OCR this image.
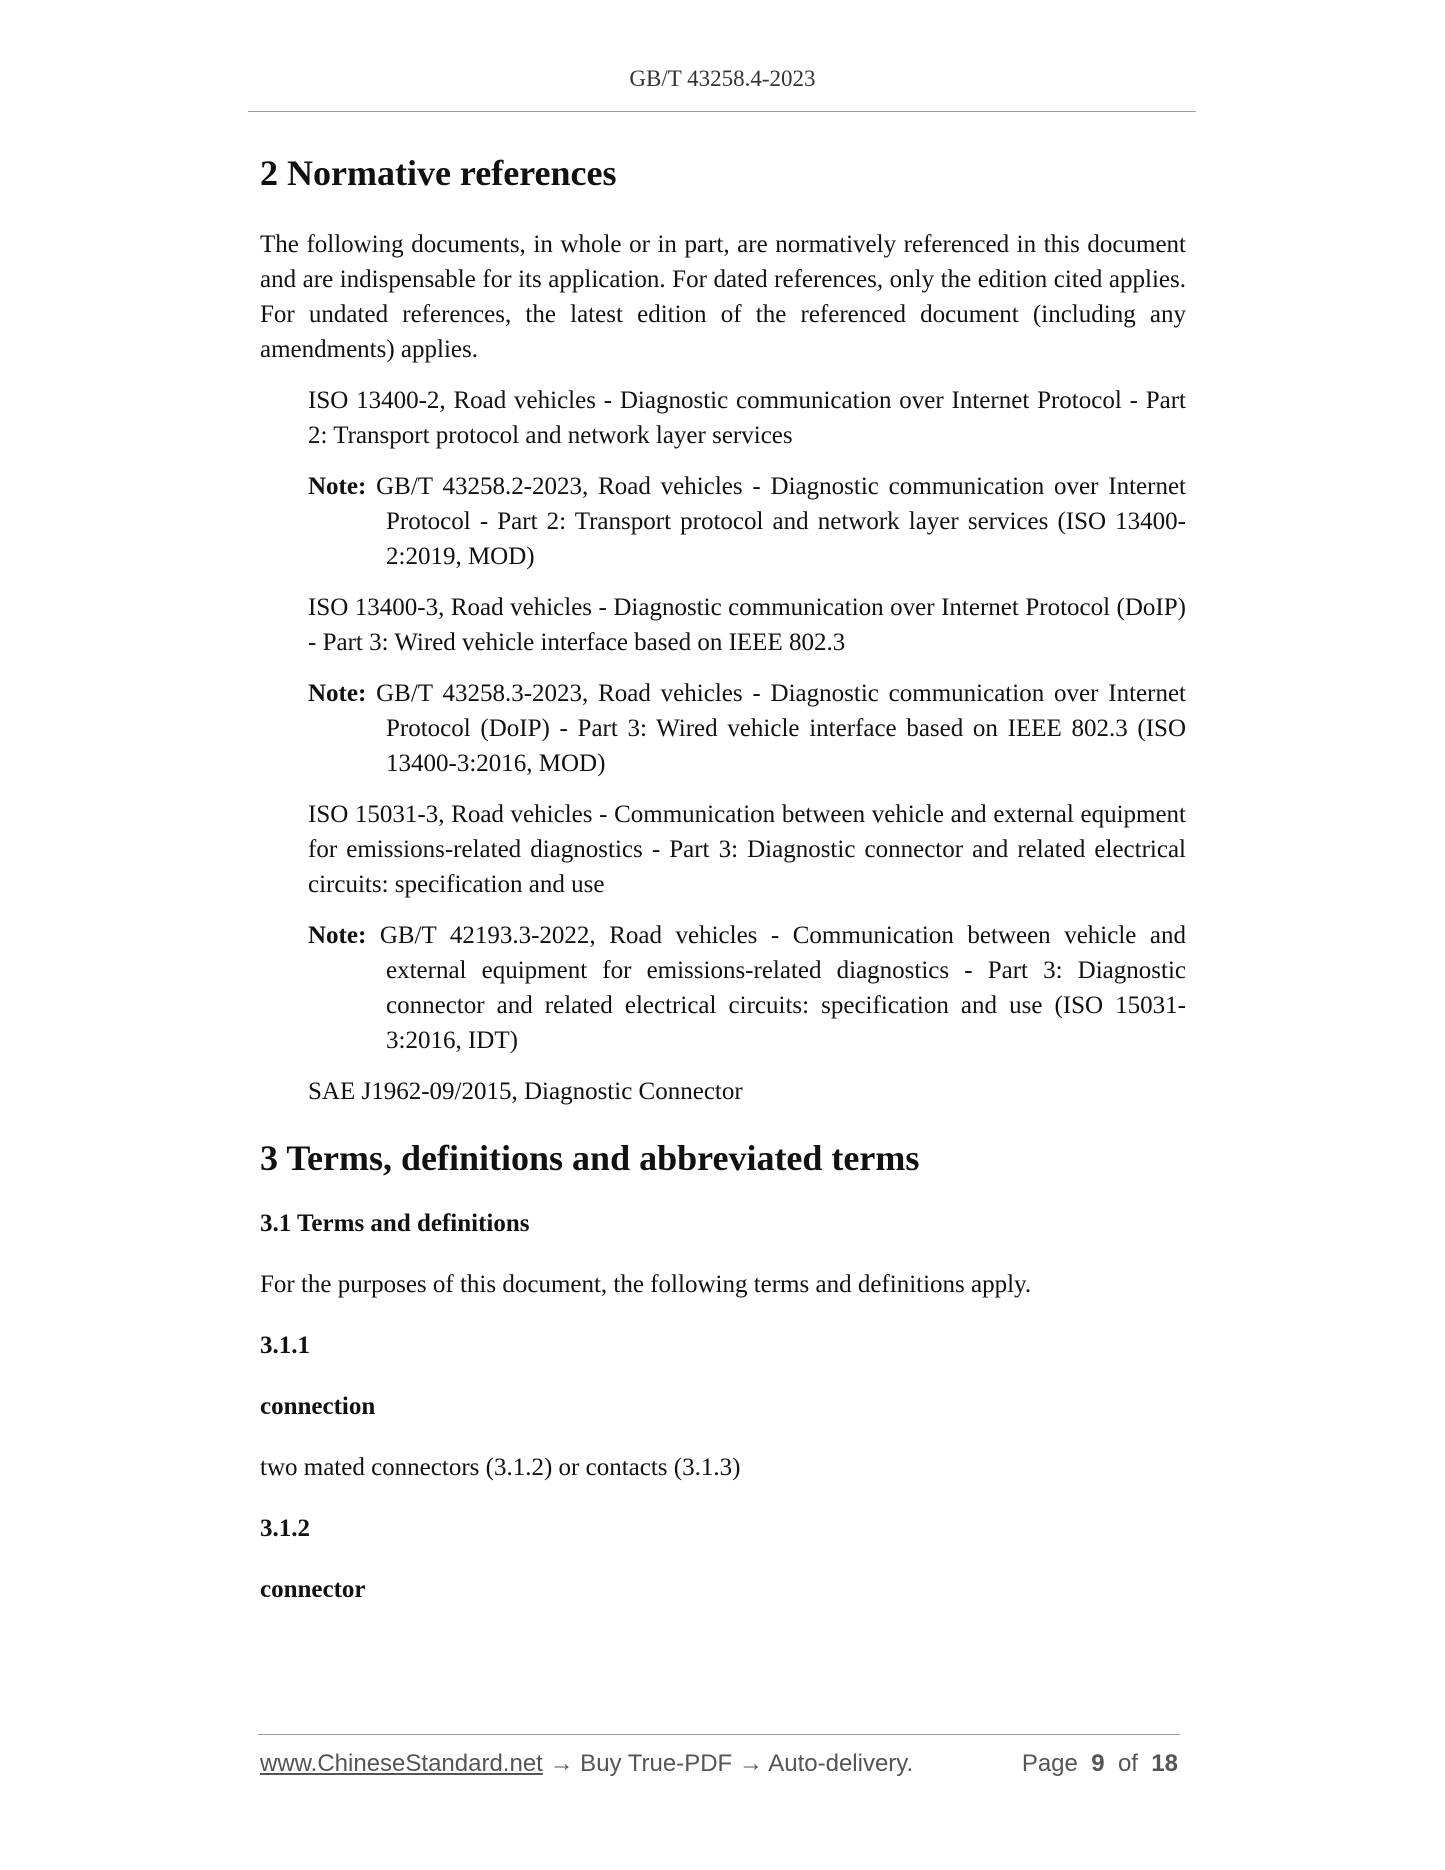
GB/T 43258.4-2023
2 Normative references

The following documents, in whole or in part, are normatively referenced in this document and are indispensable for its application. For dated references, only the edition cited applies. For undated references, the latest edition of the referenced document (including any amendments) applies.

ISO 13400-2, Road vehicles - Diagnostic communication over Internet Protocol - Part 2: Transport protocol and network layer services

Note: GB/T 43258.2-2023, Road vehicles - Diagnostic communication over Internet Protocol - Part 2: Transport protocol and network layer services (ISO 13400-2:2019, MOD)

ISO 13400-3, Road vehicles - Diagnostic communication over Internet Protocol (DoIP) - Part 3: Wired vehicle interface based on IEEE 802.3

Note: GB/T 43258.3-2023, Road vehicles - Diagnostic communication over Internet Protocol (DoIP) - Part 3: Wired vehicle interface based on IEEE 802.3 (ISO 13400-3:2016, MOD)

ISO 15031-3, Road vehicles - Communication between vehicle and external equipment for emissions-related diagnostics - Part 3: Diagnostic connector and related electrical circuits: specification and use

Note: GB/T 42193.3-2022, Road vehicles - Communication between vehicle and external equipment for emissions-related diagnostics - Part 3: Diagnostic connector and related electrical circuits: specification and use (ISO 15031-3:2016, IDT)

SAE J1962-09/2015, Diagnostic Connector

3 Terms, definitions and abbreviated terms

3.1 Terms and definitions

For the purposes of this document, the following terms and definitions apply.

3.1.1

connection

two mated connectors (3.1.2) or contacts (3.1.3)

3.1.2

connector

www.ChineseStandard.net → Buy True-PDF → Auto-delivery.	Page 9 of 18
